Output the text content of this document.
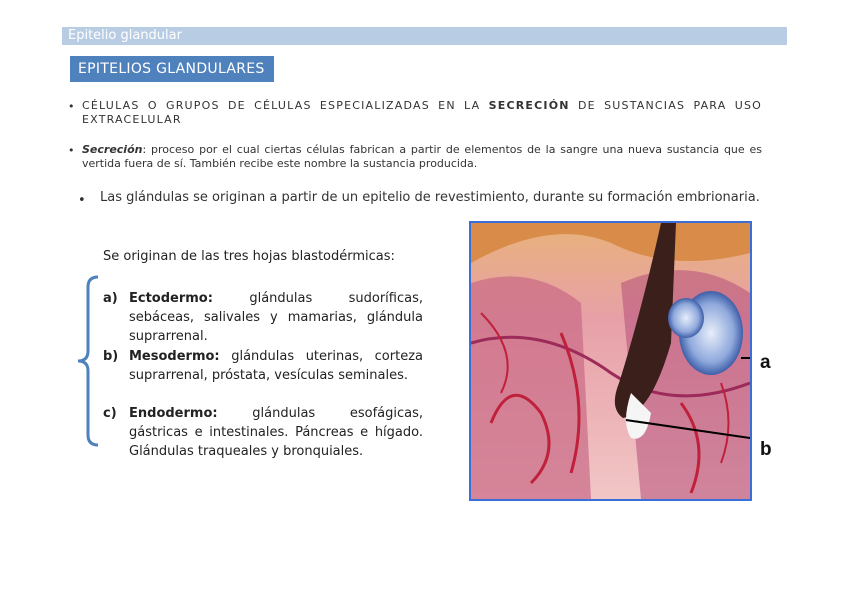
Epitelio glandular
EPITELIOS GLANDULARES
• CÉLULAS O GRUPOS DE CÉLULAS ESPECIALIZADAS EN LA SECRECIÓN DE SUSTANCIAS PARA USO EXTRACELULAR
• Secreción: proceso por el cual ciertas células fabrican a partir de elementos de la sangre una nueva sustancia que es vertida fuera de sí. También recibe este nombre la sustancia producida.
• Las glándulas se originan a partir de un epitelio de revestimiento, durante su formación embrionaria.
Se originan de las tres hojas blastodérmicas:
a) Ectodermo: glándulas sudoríficas, sebáceas, salivales y mamarias, glándula suprarrenal.
b) Mesodermo: glándulas uterinas, corteza suprarrenal, próstata, vesículas seminales.
c) Endodermo: glándulas esofágicas, gástricas e intestinales. Páncreas e hígado. Glándulas traqueales y bronquiales.
a
b
